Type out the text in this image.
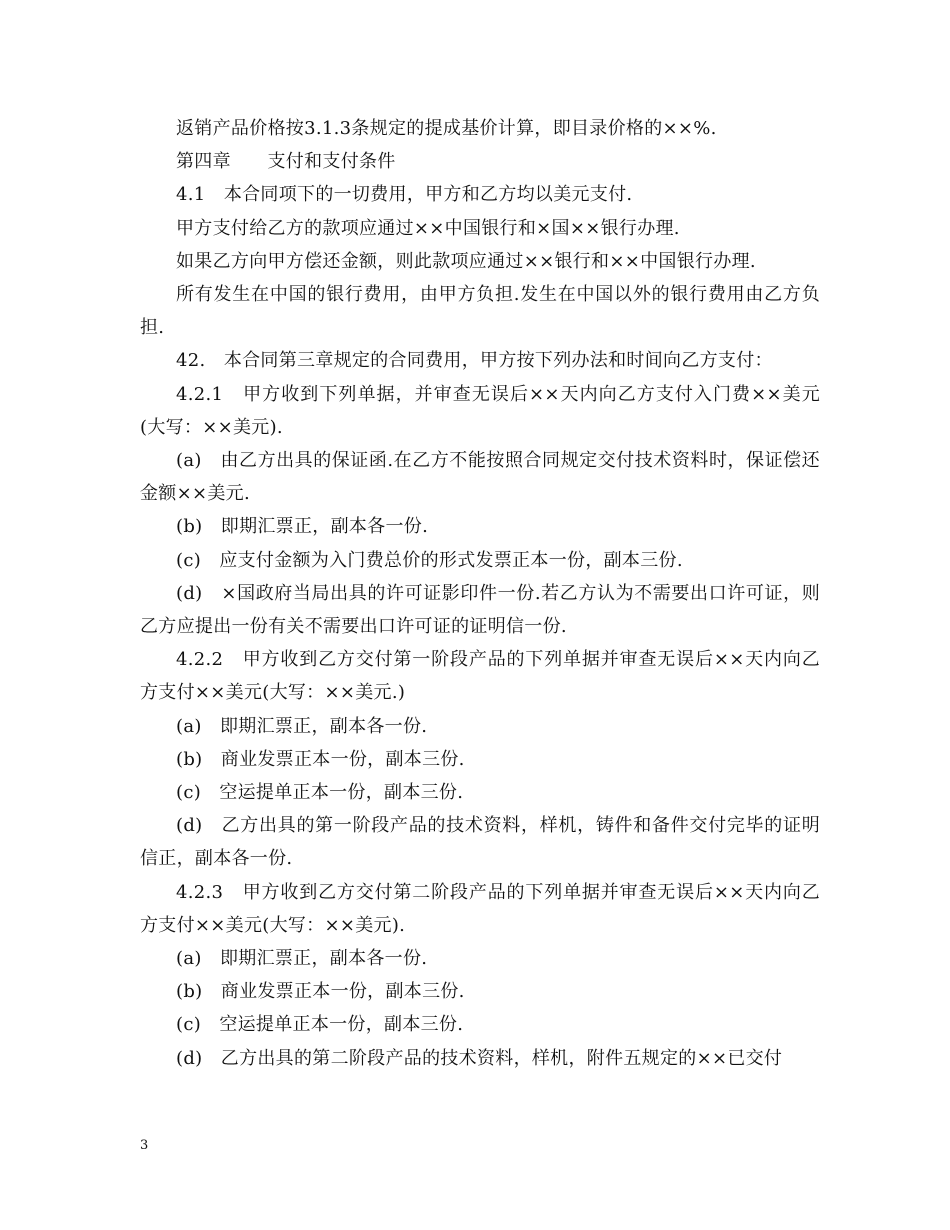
返销产品价格按3.1.3条规定的提成基价计算，即目录价格的××%.

第四章　　支付和支付条件

4.1　本合同项下的一切费用，甲方和乙方均以美元支付.

甲方支付给乙方的款项应通过××中国银行和×国××银行办理.

如果乙方向甲方偿还金额，则此款项应通过××银行和××中国银行办理.

所有发生在中国的银行费用，由甲方负担.发生在中国以外的银行费用由乙方负担.

42.　本合同第三章规定的合同费用，甲方按下列办法和时间向乙方支付：

4.2.1　甲方收到下列单据，并审查无误后××天内向乙方支付入门费××美元(大写：××美元).

(a)　由乙方出具的保证函.在乙方不能按照合同规定交付技术资料时，保证偿还金额××美元.

(b)　即期汇票正，副本各一份.

(c)　应支付金额为入门费总价的形式发票正本一份，副本三份.

(d)　×国政府当局出具的许可证影印件一份.若乙方认为不需要出口许可证，则乙方应提出一份有关不需要出口许可证的证明信一份.

4.2.2　甲方收到乙方交付第一阶段产品的下列单据并审查无误后××天内向乙方支付××美元(大写：××美元.)

(a)　即期汇票正，副本各一份.

(b)　商业发票正本一份，副本三份.

(c)　空运提单正本一份，副本三份.

(d)　乙方出具的第一阶段产品的技术资料，样机，铸件和备件交付完毕的证明信正，副本各一份.

4.2.3　甲方收到乙方交付第二阶段产品的下列单据并审查无误后××天内向乙方支付××美元(大写：××美元).

(a)　即期汇票正，副本各一份.

(b)　商业发票正本一份，副本三份.

(c)　空运提单正本一份，副本三份.

(d)　乙方出具的第二阶段产品的技术资料，样机，附件五规定的××已交付

3
